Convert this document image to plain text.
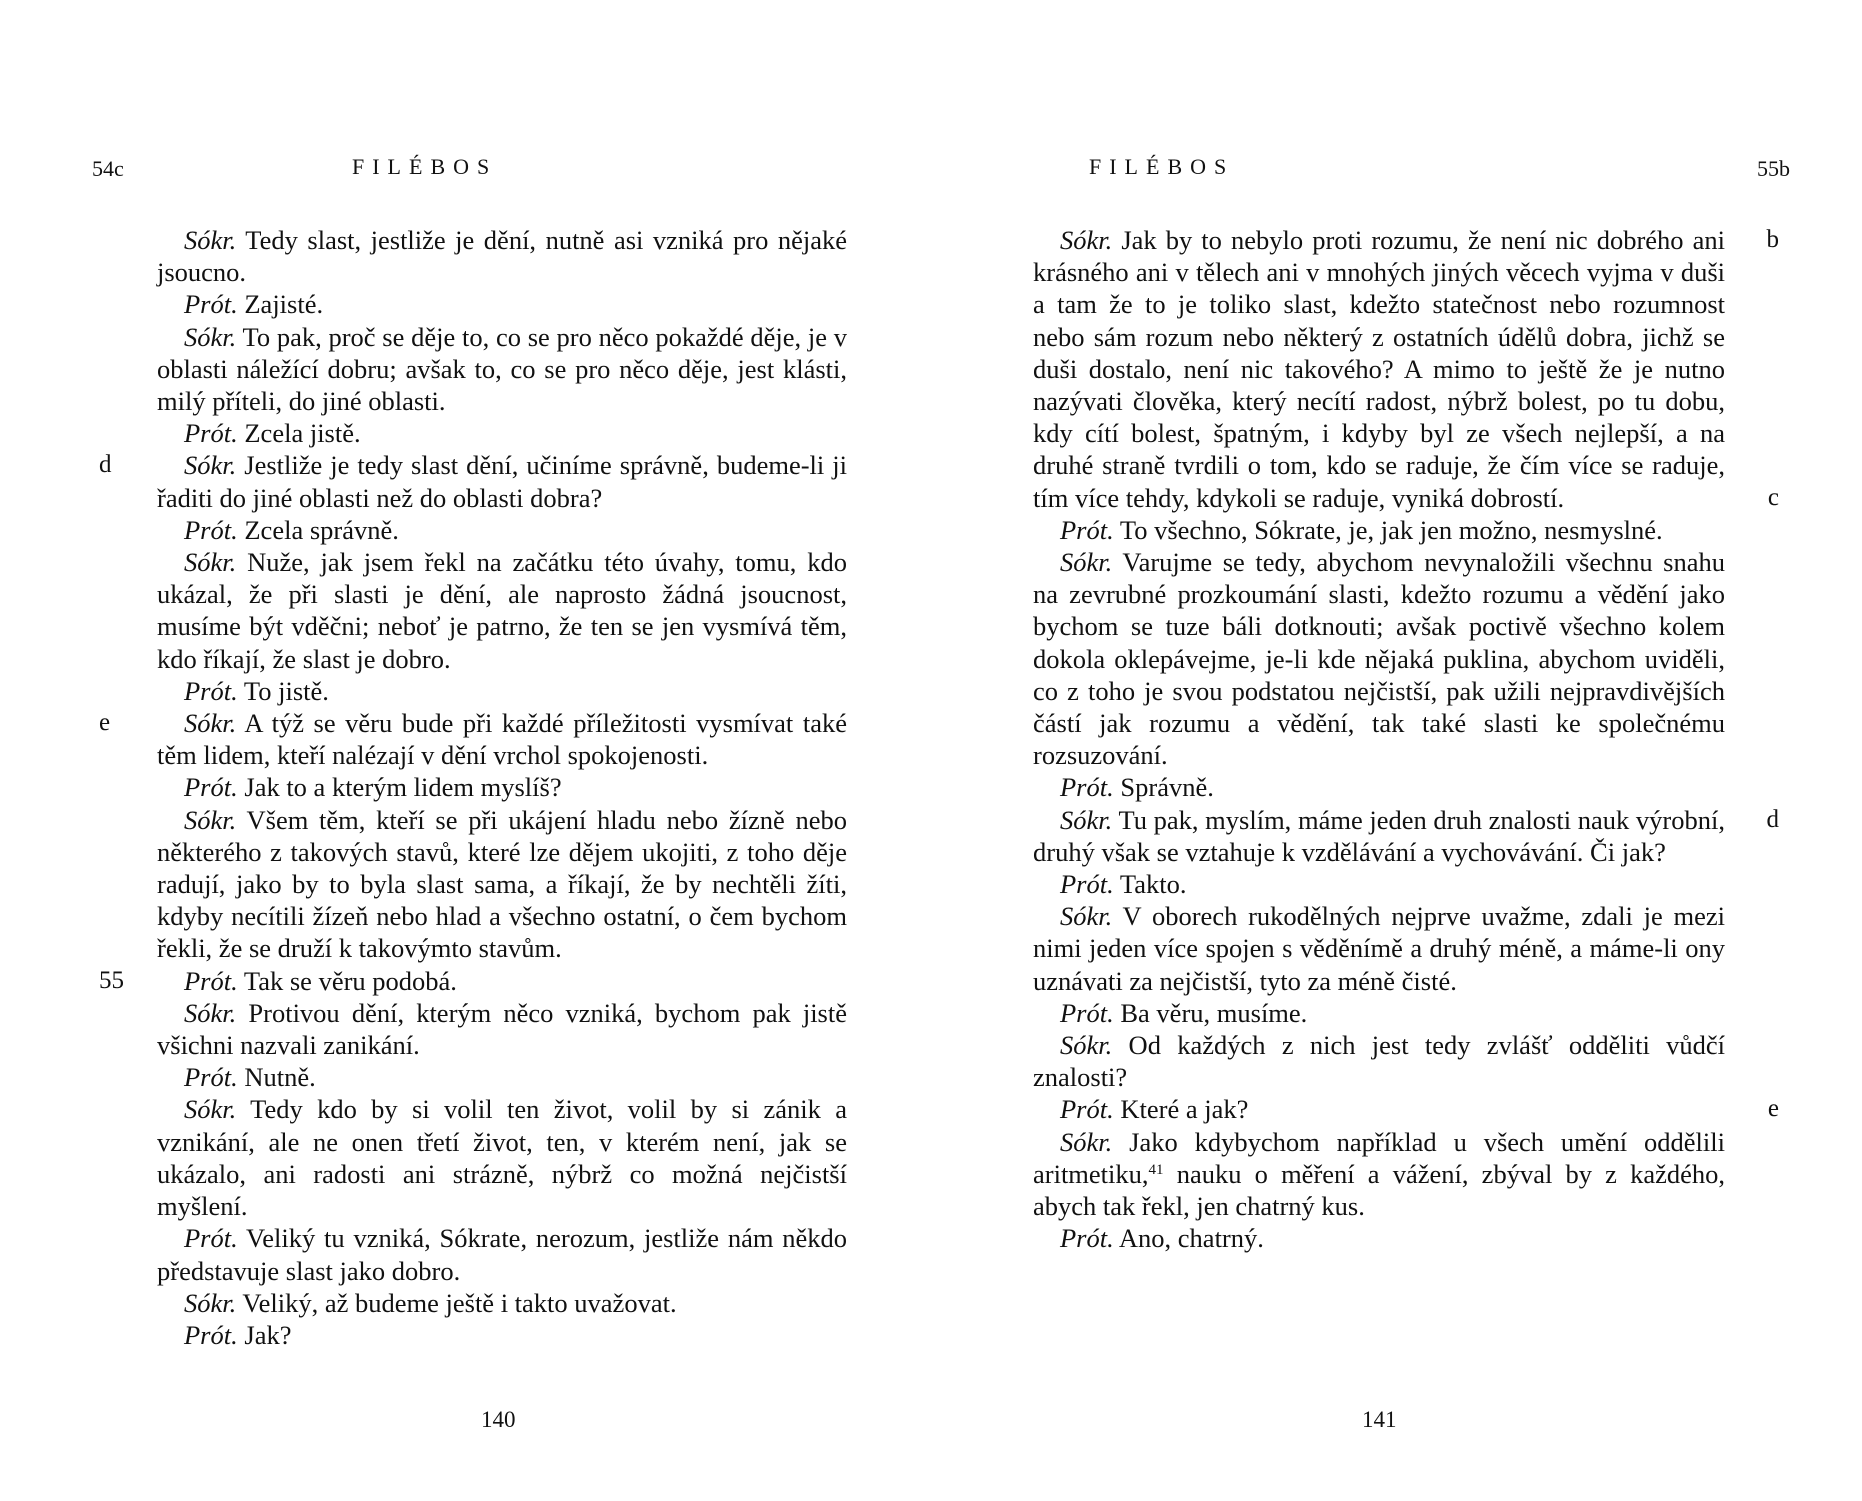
54c	FILÉBOS

Sókr. Tedy slast, jestliže je dění, nutně asi vzniká pro nějaké jsoucno.

Prót. Zajisté.

Sókr. To pak, proč se děje to, co se pro něco pokaždé děje, je v oblasti náležící dobru; avšak to, co se pro něco děje, jest klásti, milý příteli, do jiné oblasti.

Prót. Zcela jistě.

d	Sókr. Jestliže je tedy slast dění, učiníme správně, budeme-li ji řaditi do jiné oblasti než do oblasti dobra?

Prót. Zcela správně.

Sókr. Nuže, jak jsem řekl na začátku této úvahy, tomu, kdo ukázal, že při slasti je dění, ale naprosto žádná jsoucnost, musíme být vděčni; neboť je patrno, že ten se jen vysmívá těm, kdo říkají, že slast je dobro.

Prót. To jistě.

e	Sókr. A týž se věru bude při každé příležitosti vysmívat také těm lidem, kteří nalézají v dění vrchol spokojenosti.

Prót. Jak to a kterým lidem myslíš?

Sókr. Všem těm, kteří se při ukájení hladu nebo žízně nebo některého z takových stavů, které lze dějem ukojiti, z toho děje radují, jako by to byla slast sama, a říkají, že by nechtěli žíti, kdyby necítili žízeň nebo hlad a všechno ostatní, o čem bychom řekli, že se druží k takovýmto stavům.

55 Prót. Tak se věru podobá.

Sókr. Protivou dění, kterým něco vzniká, bychom pak jistě všichni nazvali zanikání.

Prót. Nutně.

Sókr. Tedy kdo by si volil ten život, volil by si zánik a vznikání, ale ne onen třetí život, ten, v kterém není, jak se ukázalo, ani radosti ani strázně, nýbrž co možná nejčistší myšlení.

Prót. Veliký tu vzniká, Sókrate, nerozum, jestliže nám někdo představuje slast jako dobro.

Sókr. Veliký, až budeme ještě i takto uvažovat.

Prót. Jak?

140
FILÉBOS	55b

b
c
Sókr. Jak by to nebylo proti rozumu, že není nic dobrého ani krásného ani v tělech ani v mnohých jiných věcech vyjma v duši a tam že to je toliko slast, kdežto statečnost nebo rozumnost nebo sám rozum nebo některý z ostatních údělů dobra, jichž se duši dostalo, není nic takového? A mimo to ještě že je nutno nazývati člověka, který necítí radost, nýbrž bolest, po tu dobu, kdy cítí bolest, špatným, i kdyby byl ze všech nejlepší, a na druhé straně tvrdili o tom, kdo se raduje, že čím více se raduje, tím více tehdy, kdykoli se raduje, vyniká dobrostí.

Prót. To všechno, Sókrate, je, jak jen možno, nesmyslné.

Sókr. Varujme se tedy, abychom nevynaložili všechnu snahu na zevrubné prozkoumání slasti, kdežto rozumu a vědění jako bychom se tuze báli dotknouti; avšak poctivě všechno kolem dokola oklepávejme, je-li kde nějaká puklina, abychom uviděli, co z toho je svou podstatou nejčistší, pak užili nejpravdivějších částí jak rozumu a vědění, tak také slasti ke společnému rozsuzování.

Prót. Správně.

d
Sókr. Tu pak, myslím, máme jeden druh znalosti nauk výrobní, druhý však se vztahuje k vzdělávání a vychovávání. Či jak?

Prót. Takto.

Sókr. V oborech rukodělných nejprve uvažme, zdali je mezi nimi jeden více spojen s věděnímě a druhý méně, a máme-li ony uznávati za nejčistší, tyto za méně čisté.

Prót. Ba věru, musíme.

Sókr. Od každých z nich jest tedy zvlášť odděliti vůdčí znalosti?

e
Prót. Které a jak?

Sókr. Jako kdybychom například u všech umění oddělili aritmetiku,$^{41}$ nauku o měření a vážení, zbýval by z každého, abych tak řekl, jen chatrný kus.

Prót. Ano, chatrný.

141
